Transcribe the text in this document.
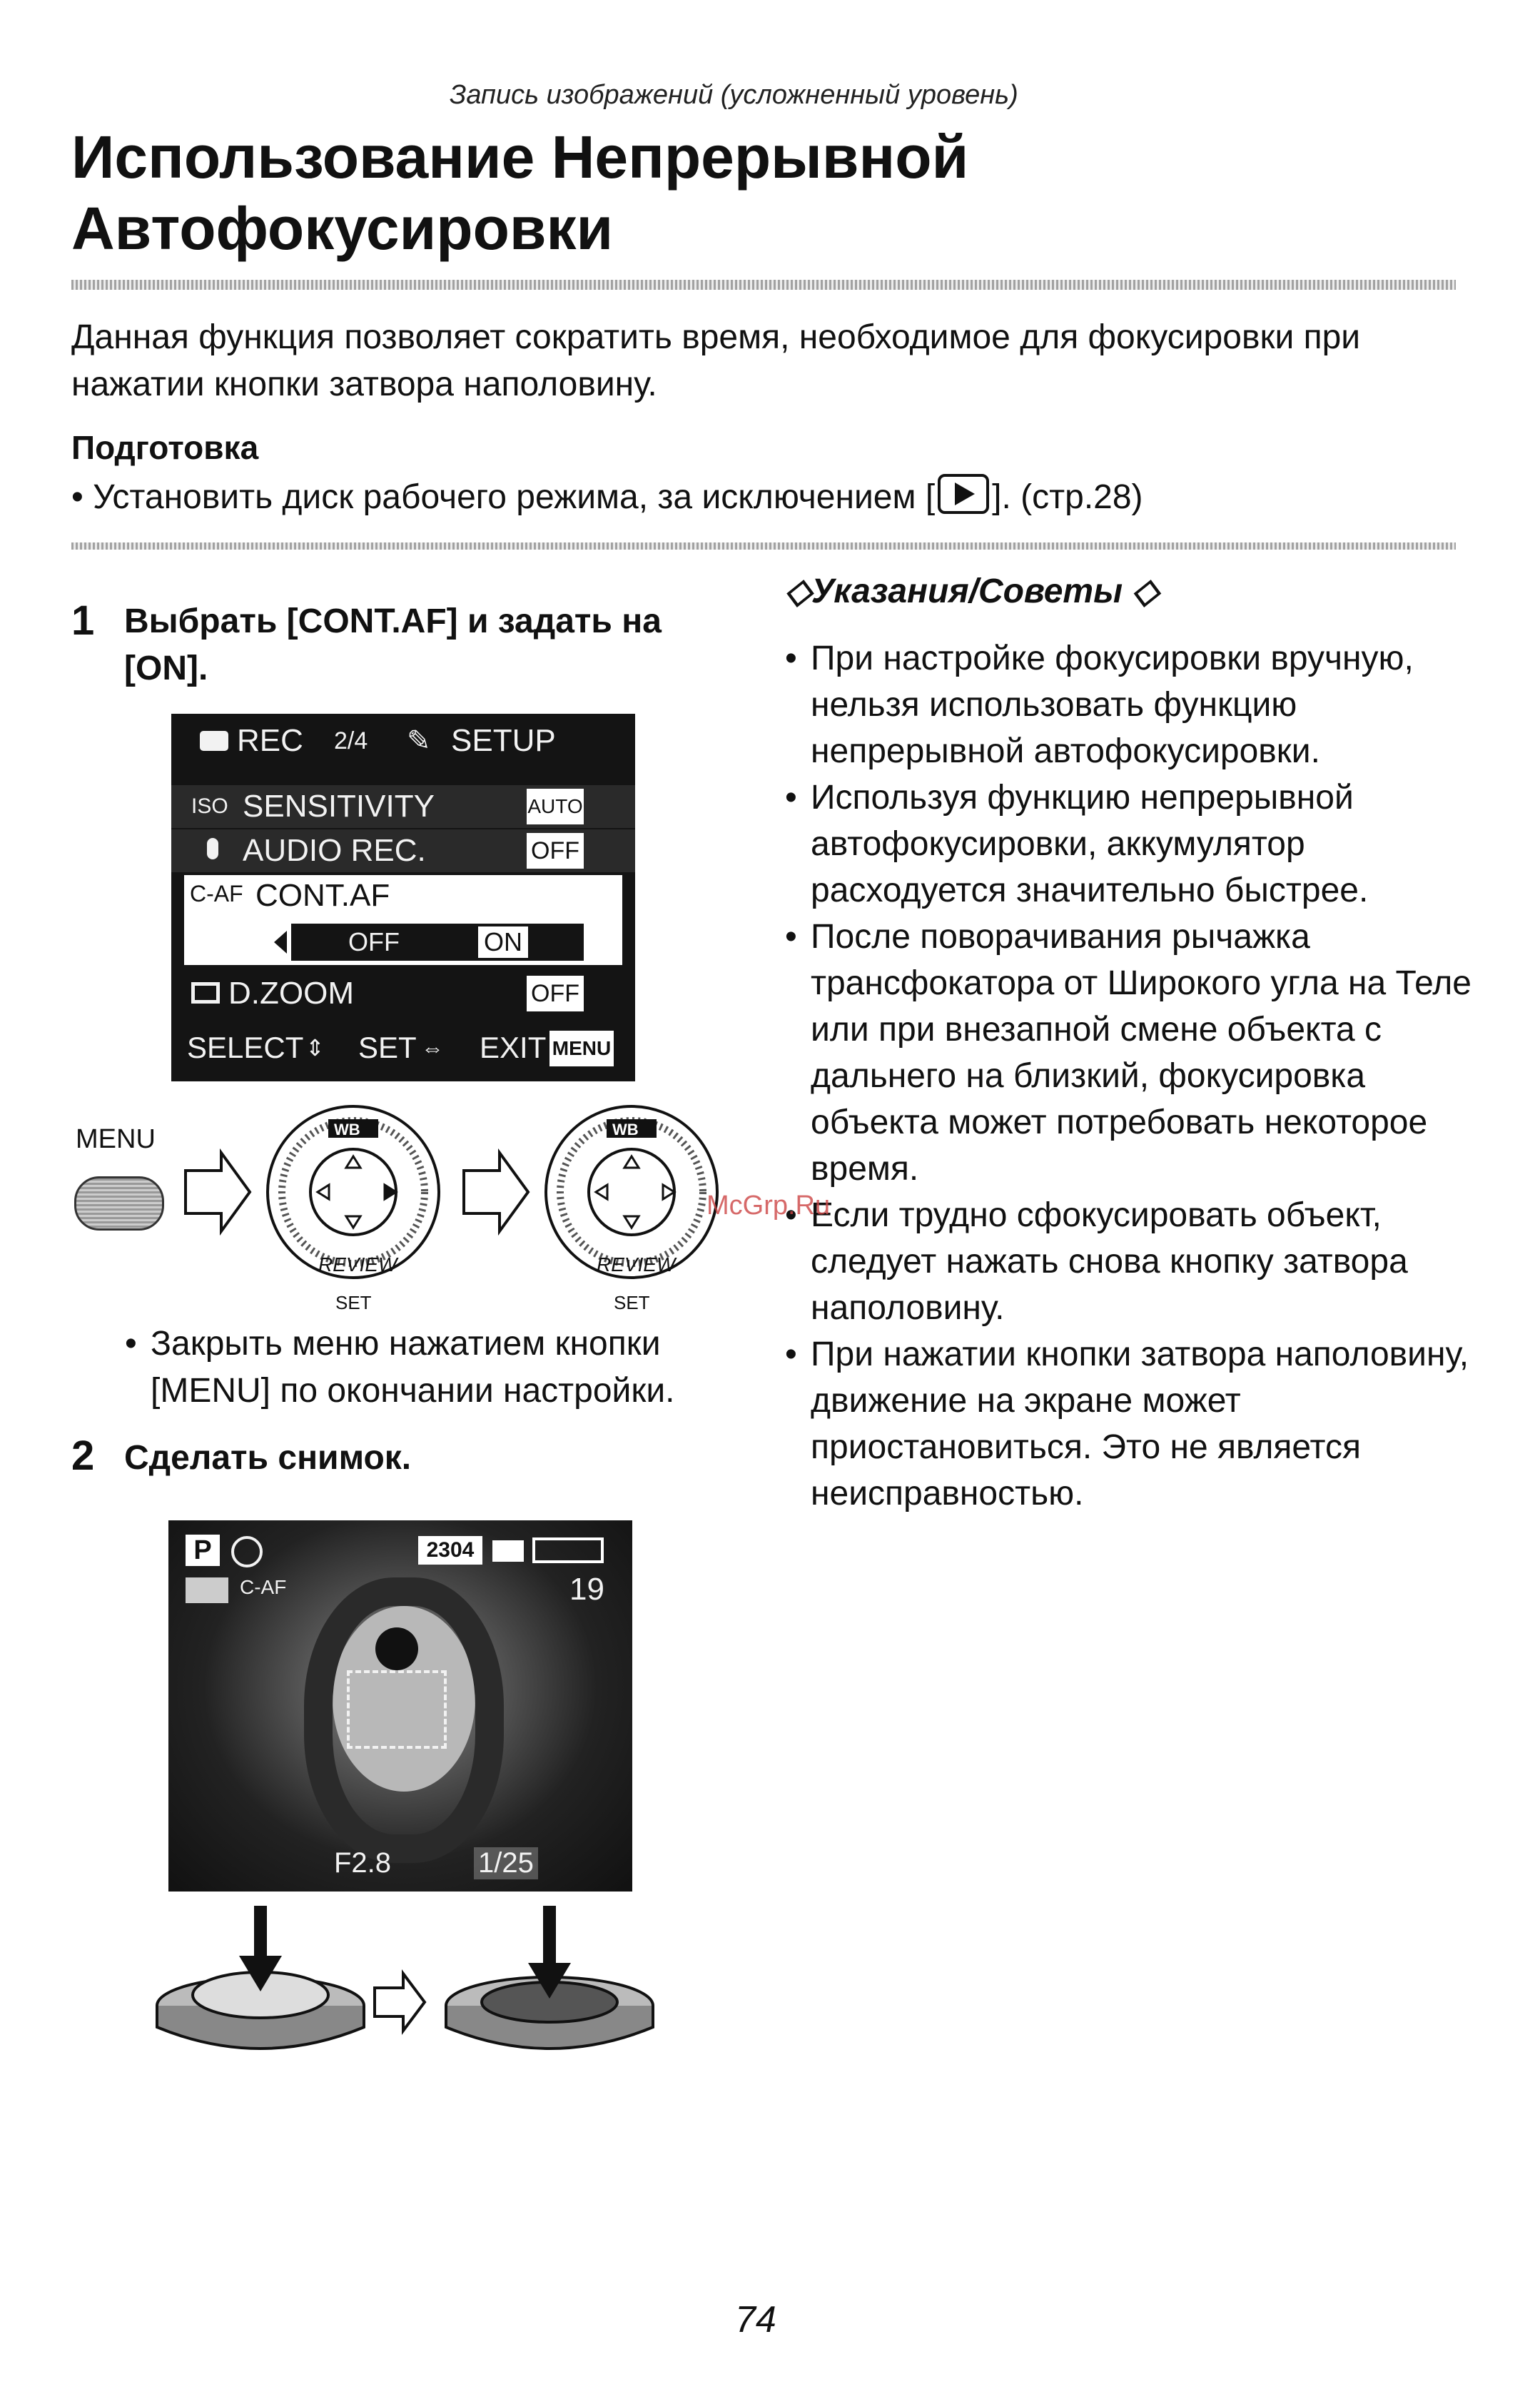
Запись изображений (усложненный уровень)
Использование Непрерывной
Автофокусировки
Данная функция позволяет сократить время, необходимое для фокусировки при нажатии кнопки затвора наполовину.
Подготовка
• Установить диск рабочего режима, за исключением [ ]. (стр.28)
1 Выбрать [CONT.AF] и задать на
[ON].
REC 2/4 ✎ SETUP
ISO SENSITIVITY	AUTO
AUDIO REC.	OFF
C-AF CONT.AF
OFF	ON
D.ZOOM	OFF
SELECT ⇕ SET ⇔ EXIT MENU
MENU	WB
REVIEW
SET
WB
REVIEW
SET
• Закрыть меню нажатием кнопки [MENU] по окончании настройки.
2 Сделать снимок.
P	2304
C-AF	19
F2.8	1/25
◇Указания/Советы ◇
• При настройке фокусировки вручную, нельзя использовать функцию непрерывной автофокусировки.
• Используя функцию непрерывной автофокусировки, аккумулятор расходуется значительно быстрее.
• После поворачивания рычажка трансфокатора от Широкого угла на Теле или при внезапной смене объекта с дальнего на близкий, фокусировка объекта может потребовать некоторое время.
• Если трудно сфокусировать объект, следует нажать снова кнопку затвора наполовину.
• При нажатии кнопки затвора наполовину, движение на экране может приостановиться. Это не является неисправностью.
McGrp.Ru
74
